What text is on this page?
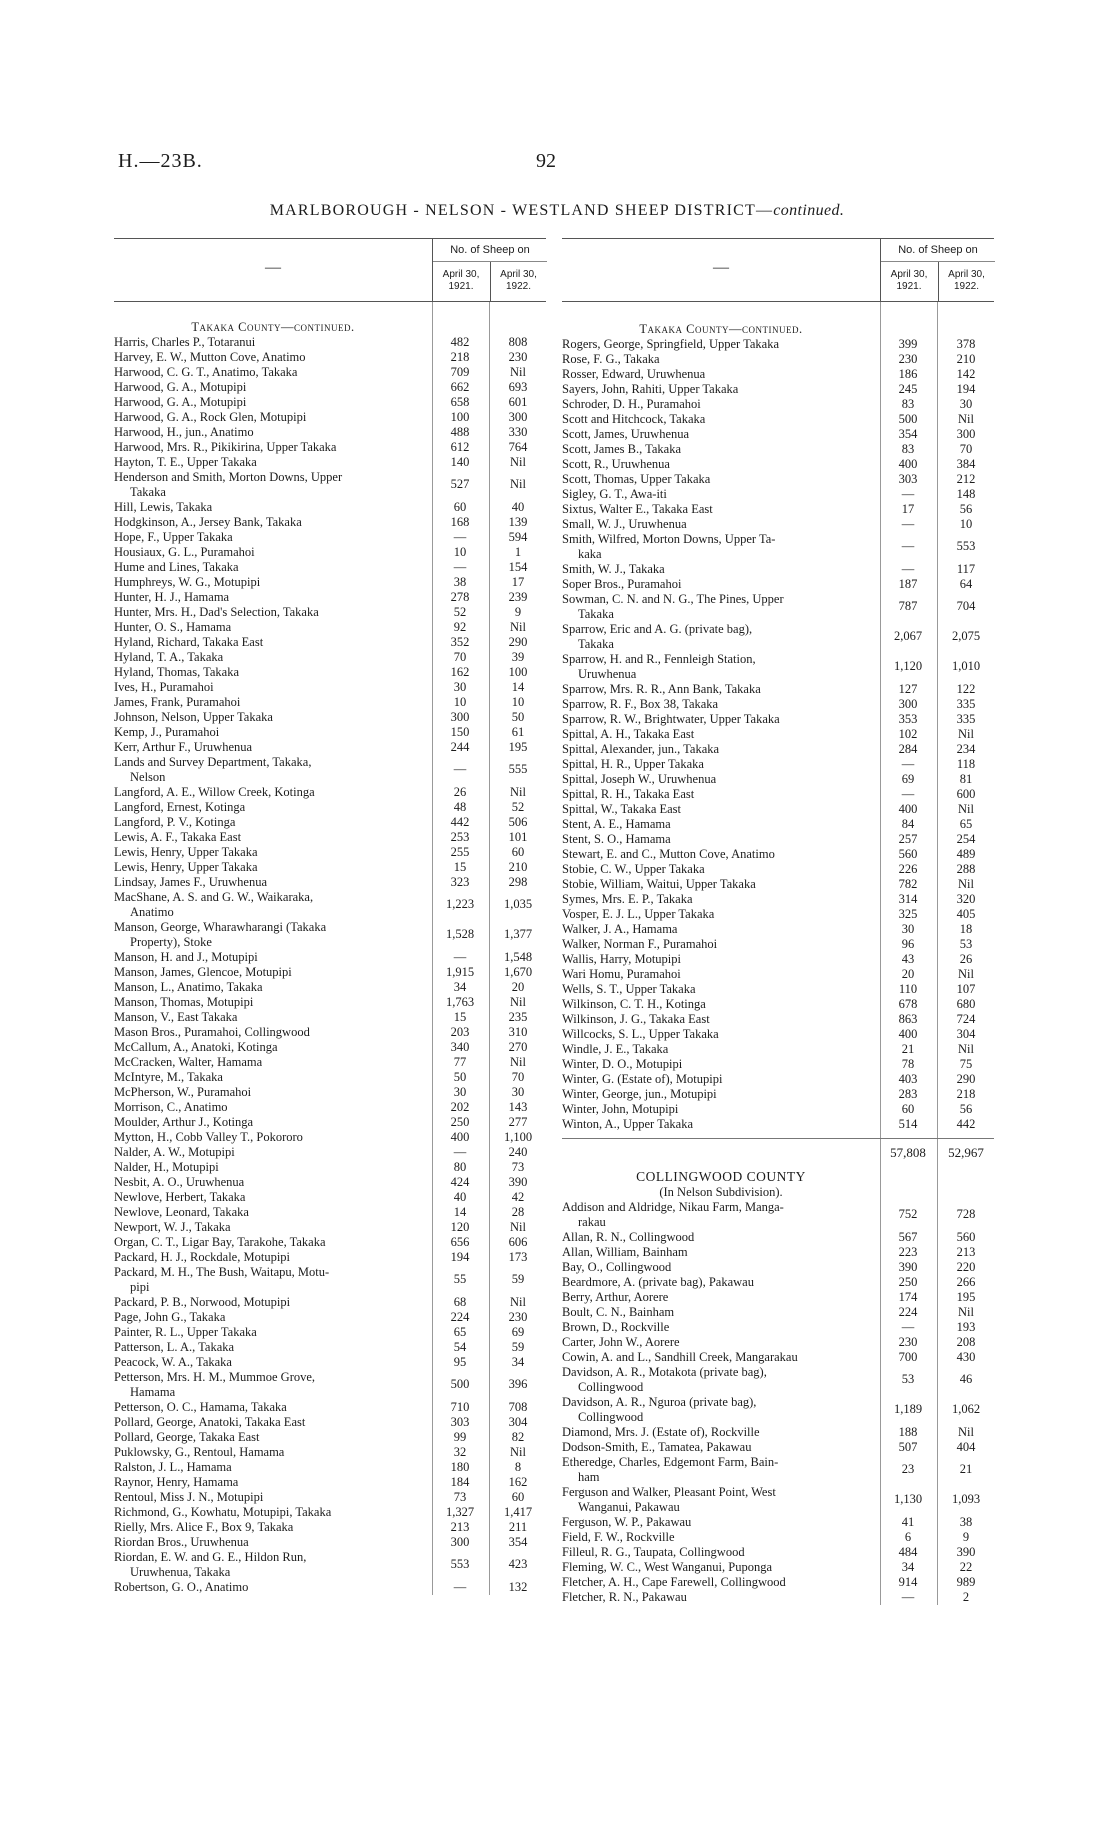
H.—23B.	92
MARLBOROUGH - NELSON - WESTLAND SHEEP DISTRICT—continued.
—
No. of Sheep on
April 30, 1921.
April 30, 1922.
Takaka County—continued.
Harris, Charles P., Totaranui	482	808
Harvey, E. W., Mutton Cove, Anatimo	218	230
Harwood, C. G. T., Anatimo, Takaka	709	Nil
Harwood, G. A., Motupipi	662	693
Harwood, G. A., Motupipi	658	601
Harwood, G. A., Rock Glen, Motupipi	100	300
Harwood, H., jun., Anatimo	488	330
Harwood, Mrs. R., Pikikirina, Upper Takaka	612	764
Hayton, T. E., Upper Takaka	140	Nil
Henderson and Smith, Morton Downs, Upper
Takaka
527	Nil
Hill, Lewis, Takaka	60	40
Hodgkinson, A., Jersey Bank, Takaka	168	139
Hope, F., Upper Takaka	—	594
Housiaux, G. L., Puramahoi	10	1
Hume and Lines, Takaka	—	154
Humphreys, W. G., Motupipi	38	17
Hunter, H. J., Hamama	278	239
Hunter, Mrs. H., Dad's Selection, Takaka	52	9
Hunter, O. S., Hamama	92	Nil
Hyland, Richard, Takaka East	352	290
Hyland, T. A., Takaka	70	39
Hyland, Thomas, Takaka	162	100
Ives, H., Puramahoi	30	14
James, Frank, Puramahoi	10	10
Johnson, Nelson, Upper Takaka	300	50
Kemp, J., Puramahoi	150	61
Kerr, Arthur F., Uruwhenua	244	195
Lands and Survey Department, Takaka,
Nelson
—	555
Langford, A. E., Willow Creek, Kotinga	26	Nil
Langford, Ernest, Kotinga	48	52
Langford, P. V., Kotinga	442	506
Lewis, A. F., Takaka East	253	101
Lewis, Henry, Upper Takaka	255	60
Lewis, Henry, Upper Takaka	15	210
Lindsay, James F., Uruwhenua	323	298
MacShane, A. S. and G. W., Waikaraka,
Anatimo
1,223	1,035
Manson, George, Wharawharangi (Takaka
Property), Stoke
1,528	1,377
Manson, H. and J., Motupipi	—	1,548
Manson, James, Glencoe, Motupipi	1,915	1,670
Manson, L., Anatimo, Takaka	34	20
Manson, Thomas, Motupipi	1,763	Nil
Manson, V., East Takaka	15	235
Mason Bros., Puramahoi, Collingwood	203	310
McCallum, A., Anatoki, Kotinga	340	270
McCracken, Walter, Hamama	77	Nil
McIntyre, M., Takaka	50	70
McPherson, W., Puramahoi	30	30
Morrison, C., Anatimo	202	143
Moulder, Arthur J., Kotinga	250	277
Mytton, H., Cobb Valley T., Pokororo	400	1,100
Nalder, A. W., Motupipi	—	240
Nalder, H., Motupipi	80	73
Nesbit, A. O., Uruwhenua	424	390
Newlove, Herbert, Takaka	40	42
Newlove, Leonard, Takaka	14	28
Newport, W. J., Takaka	120	Nil
Organ, C. T., Ligar Bay, Tarakohe, Takaka	656	606
Packard, H. J., Rockdale, Motupipi	194	173
Packard, M. H., The Bush, Waitapu, Motu-
pipi
55	59
Packard, P. B., Norwood, Motupipi	68	Nil
Page, John G., Takaka	224	230
Painter, R. L., Upper Takaka	65	69
Patterson, L. A., Takaka	54	59
Peacock, W. A., Takaka	95	34
Petterson, Mrs. H. M., Mummoe Grove,
Hamama
500	396
Petterson, O. C., Hamama, Takaka	710	708
Pollard, George, Anatoki, Takaka East	303	304
Pollard, George, Takaka East	99	82
Puklowsky, G., Rentoul, Hamama	32	Nil
Ralston, J. L., Hamama	180	8
Raynor, Henry, Hamama	184	162
Rentoul, Miss J. N., Motupipi	73	60
Richmond, G., Kowhatu, Motupipi, Takaka	1,327	1,417
Rielly, Mrs. Alice F., Box 9, Takaka	213	211
Riordan Bros., Uruwhenua	300	354
Riordan, E. W. and G. E., Hildon Run,
Uruwhenua, Takaka
553	423
Robertson, G. O., Anatimo	—	132
—
No. of Sheep on
April 30, 1921.
April 30, 1922.
Takaka County—continued.
Rogers, George, Springfield, Upper Takaka	399	378
Rose, F. G., Takaka	230	210
Rosser, Edward, Uruwhenua	186	142
Sayers, John, Rahiti, Upper Takaka	245	194
Schroder, D. H., Puramahoi	83	30
Scott and Hitchcock, Takaka	500	Nil
Scott, James, Uruwhenua	354	300
Scott, James B., Takaka	83	70
Scott, R., Uruwhenua	400	384
Scott, Thomas, Upper Takaka	303	212
Sigley, G. T., Awa-iti	—	148
Sixtus, Walter E., Takaka East	17	56
Small, W. J., Uruwhenua	—	10
Smith, Wilfred, Morton Downs, Upper Ta-
kaka
—	553
Smith, W. J., Takaka	—	117
Soper Bros., Puramahoi	187	64
Sowman, C. N. and N. G., The Pines, Upper
Takaka
787	704
Sparrow, Eric and A. G. (private bag),
Takaka
2,067	2,075
Sparrow, H. and R., Fennleigh Station,
Uruwhenua
1,120	1,010
Sparrow, Mrs. R. R., Ann Bank, Takaka	127	122
Sparrow, R. F., Box 38, Takaka	300	335
Sparrow, R. W., Brightwater, Upper Takaka	353	335
Spittal, A. H., Takaka East	102	Nil
Spittal, Alexander, jun., Takaka	284	234
Spittal, H. R., Upper Takaka	—	118
Spittal, Joseph W., Uruwhenua	69	81
Spittal, R. H., Takaka East	—	600
Spittal, W., Takaka East	400	Nil
Stent, A. E., Hamama	84	65
Stent, S. O., Hamama	257	254
Stewart, E. and C., Mutton Cove, Anatimo	560	489
Stobie, C. W., Upper Takaka	226	288
Stobie, William, Waitui, Upper Takaka	782	Nil
Symes, Mrs. E. P., Takaka	314	320
Vosper, E. J. L., Upper Takaka	325	405
Walker, J. A., Hamama	30	18
Walker, Norman F., Puramahoi	96	53
Wallis, Harry, Motupipi	43	26
Wari Homu, Puramahoi	20	Nil
Wells, S. T., Upper Takaka	110	107
Wilkinson, C. T. H., Kotinga	678	680
Wilkinson, J. G., Takaka East	863	724
Willcocks, S. L., Upper Takaka	400	304
Windle, J. E., Takaka	21	Nil
Winter, D. O., Motupipi	78	75
Winter, G. (Estate of), Motupipi	403	290
Winter, George, jun., Motupipi	283	218
Winter, John, Motupipi	60	56
Winton, A., Upper Takaka	514	442
57,808	52,967
COLLINGWOOD COUNTY
(In Nelson Subdivision).
Addison and Aldridge, Nikau Farm, Manga-
rakau
752	728
Allan, R. N., Collingwood	567	560
Allan, William, Bainham	223	213
Bay, O., Collingwood	390	220
Beardmore, A. (private bag), Pakawau	250	266
Berry, Arthur, Aorere	174	195
Boult, C. N., Bainham	224	Nil
Brown, D., Rockville	—	193
Carter, John W., Aorere	230	208
Cowin, A. and L., Sandhill Creek, Mangarakau	700	430
Davidson, A. R., Motakota (private bag),
Collingwood
53	46
Davidson, A. R., Nguroa (private bag),
Collingwood
1,189	1,062
Diamond, Mrs. J. (Estate of), Rockville	188	Nil
Dodson-Smith, E., Tamatea, Pakawau	507	404
Etheredge, Charles, Edgemont Farm, Bain-
ham
23	21
Ferguson and Walker, Pleasant Point, West
Wanganui, Pakawau
1,130	1,093
Ferguson, W. P., Pakawau	41	38
Field, F. W., Rockville	6	9
Filleul, R. G., Taupata, Collingwood	484	390
Fleming, W. C., West Wanganui, Puponga	34	22
Fletcher, A. H., Cape Farewell, Collingwood	914	989
Fletcher, R. N., Pakawau	—	2
